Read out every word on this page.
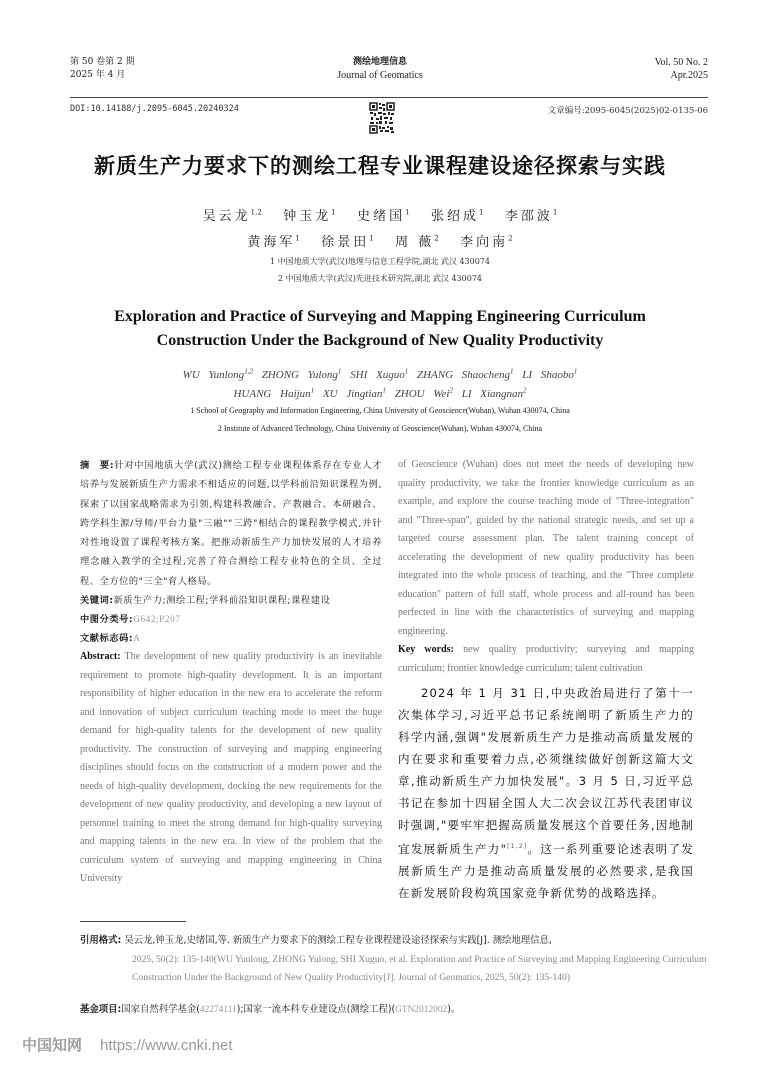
第 50 卷第 2 期
2025 年 4 月
测绘地理信息
Journal of Geomatics
Vol. 50 No. 2
Apr.2025
DOI:10.14188/j.2095-6045.20240324	文章编号:2095-6045(2025)02-0135-06
新质生产力要求下的测绘工程专业课程建设途径探索与实践
吴云龙$^{1,2}$ 钟玉龙$^1$ 史绪国$^1$ 张绍成$^1$ 李邵波$^1$
黄海军$^1$ 徐景田$^1$ 周 薇$^2$ 李向南$^2$
1 中国地质大学(武汉)地理与信息工程学院,湖北 武汉 430074
2 中国地质大学(武汉)先进技术研究院,湖北 武汉 430074
Exploration and Practice of Surveying and Mapping Engineering Curriculum
Construction Under the Background of New Quality Productivity
WU Yunlong$^{1,2}$ ZHONG Yulong$^1$ SHI Xuguo$^1$ ZHANG Shaocheng$^1$ LI Shaobo$^1$
HUANG Haijun$^1$ XU Jingtian$^1$ ZHOU Wei$^2$ LI Xiangnan$^2$
1 School of Geography and Information Engineering, China University of Geoscience(Wuhan), Wuhan 430074, China
2 Institute of Advanced Technology, China University of Geoscience(Wuhan), Wuhan 430074, China
摘　要:针对中国地质大学(武汉)测绘工程专业课程体系存在专业人才培养与发展新质生产力需求不相适应的问题,以学科前沿知识课程为例,探索了以国家战略需求为引领,构建科教融合、产教融合、本研融合、跨学科生源/导师/平台力量"三融""三跨"相结合的课程教学模式,并针对性地设置了课程考核方案。把推动新质生产力加快发展的人才培养理念融入教学的全过程,完善了符合测绘工程专业特色的全员、全过程、全方位的"三全"育人格局。
关键词:新质生产力;测绘工程;学科前沿知识课程;课程建设
中图分类号:G642;P207
文献标志码:A
Abstract: The development of new quality productivity is an inevitable requirement to promote high-quality development. It is an important responsibility of higher education in the new era to accelerate the reform and innovation of subject curriculum teaching mode to meet the huge demand for high-quality talents for the development of new quality productivity. The construction of surveying and mapping engineering disciplines should focus on the construction of a modern power and the needs of high-quality development, docking the new requirements for the development of new quality productivity, and developing a new layout of personnel training to meet the strong demand for high-quality surveying and mapping talents in the new era. In view of the problem that the curriculum system of surveying and mapping engineering in China University
of Geoscience (Wuhan) does not meet the needs of developing new quality productivity, we take the frontier knowledge curriculum as an example, and explore the course teaching mode of "Three-integration" and "Three-span", guided by the national strategic needs, and set up a targeted course assessment plan. The talent training concept of accelerating the development of new quality productivity has been integrated into the whole process of teaching, and the "Three complete education" pattern of full staff, whole process and all-round has been perfected in line with the characteristics of surveying and mapping engineering.
Key words: new quality productivity; surveying and mapping curriculum; frontier knowledge curriculum; talent cultivation
2024 年 1 月 31 日,中央政治局进行了第十一次集体学习,习近平总书记系统阐明了新质生产力的科学内涵,强调"发展新质生产力是推动高质量发展的内在要求和重要着力点,必须继续做好创新这篇大文章,推动新质生产力加快发展"。3 月 5 日,习近平总书记在参加十四届全国人大二次会议江苏代表团审议时强调,"要牢牢把握高质量发展这个首要任务,因地制宜发展新质生产力"[1,2]。这一系列重要论述表明了发展新质生产力是推动高质量发展的必然要求,是我国在新发展阶段构筑国家竞争新优势的战略选择。
引用格式: 吴云龙,钟玉龙,史绪国,等. 新质生产力要求下的测绘工程专业课程建设途径探索与实践[J]. 测绘地理信息,
2025, 50(2): 135-140(WU Yunlong, ZHONG Yulong, SHI Xuguo, et al. Exploration and Practice of Surveying and Mapping Engineering Curriculum Construction Under the Background of New Quality Productivity[J]. Journal of Geomatics, 2025, 50(2): 135-140)
基金项目:国家自然科学基金(42274111);国家一流本科专业建设点(测绘工程)(GTN2012002)。
中国知网 https://www.cnki.net
